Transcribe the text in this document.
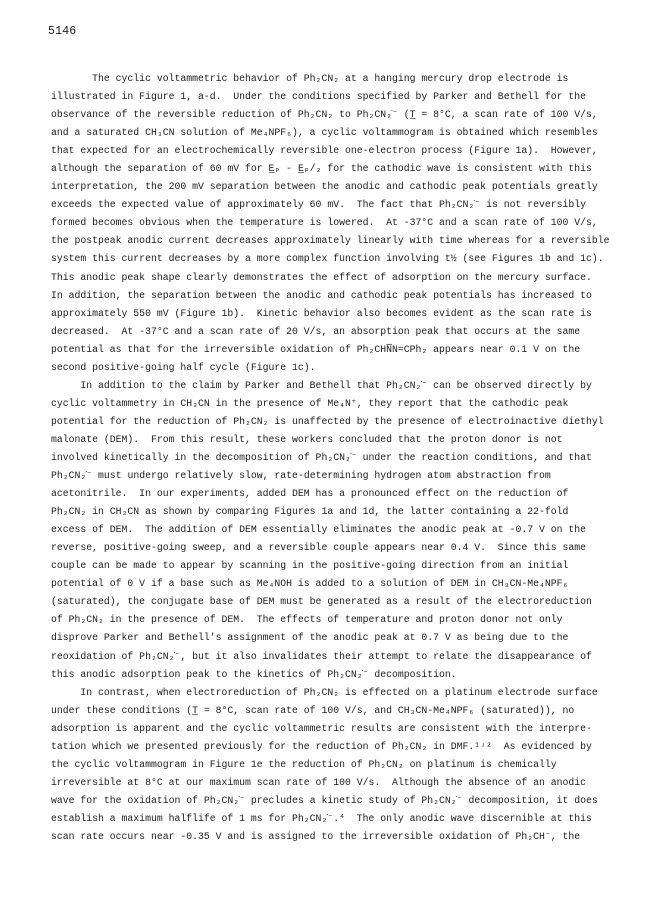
5146
The cyclic voltammetric behavior of Ph₂CN₂ at a hanging mercury drop electrode is
illustrated in Figure 1, a-d.  Under the conditions specified by Parker and Bethell for the
observance of the reversible reduction of Ph₂CN₂ to Ph₂CN₂̇⁻ (T̲ = 8°C, a scan rate of 100 V/s,
and a saturated CH₃CN solution of Me₄NPF₆), a cyclic voltammogram is obtained which resembles
that expected for an electrochemically reversible one-electron process (Figure 1a).  However,
although the separation of 60 mV for E̲ₚ - E̲ₚ/₂ for the cathodic wave is consistent with this
interpretation, the 200 mV separation between the anodic and cathodic peak potentials greatly
exceeds the expected value of approximately 60 mV.  The fact that Ph₂CN₂̇⁻ is not reversibly
formed becomes obvious when the temperature is lowered.  At -37°C and a scan rate of 100 V/s,
the postpeak anodic current decreases approximately linearly with time whereas for a reversible
system this current decreases by a more complex function involving t½ (see Figures 1b and 1c).
This anodic peak shape clearly demonstrates the effect of adsorption on the mercury surface.
In addition, the separation between the anodic and cathodic peak potentials has increased to
approximately 550 mV (Figure 1b).  Kinetic behavior also becomes evident as the scan rate is
decreased.  At -37°C and a scan rate of 20 V/s, an absorption peak that occurs at the same
potential as that for the irreversible oxidation of Ph₂CHN̅N=CPh₂ appears near 0.1 V on the
second positive-going half cycle (Figure 1c).
In addition to the claim by Parker and Bethell that Ph₂CN₂̇⁻ can be observed directly by
cyclic voltammetry in CH₃CN in the presence of Me₄N⁺, they report that the cathodic peak
potential for the reduction of Ph₂CN₂ is unaffected by the presence of electroinactive diethyl
malonate (DEM).  From this result, these workers concluded that the proton donor is not
involved kinetically in the decomposition of Ph₂CN₂̇⁻ under the reaction conditions, and that
Ph₂CN₂̇⁻ must undergo relatively slow, rate-determining hydrogen atom abstraction from
acetonitrile.  In our experiments, added DEM has a pronounced effect on the reduction of
Ph₂CN₂ in CH₃CN as shown by comparing Figures 1a and 1d, the latter containing a 22-fold
excess of DEM.  The addition of DEM essentially eliminates the anodic peak at -0.7 V on the
reverse, positive-going sweep, and a reversible couple appears near 0.4 V.  Since this same
couple can be made to appear by scanning in the positive-going direction from an initial
potential of 0 V if a base such as Me₄NOH is added to a solution of DEM in CH₃CN-Me₄NPF₆
(saturated), the conjugate base of DEM must be generated as a result of the electroreduction
of Ph₂CN₂ in the presence of DEM.  The effects of temperature and proton donor not only
disprove Parker and Bethell's assignment of the anodic peak at 0.7 V as being due to the
reoxidation of Ph₂CN₂̇⁻, but it also invalidates their attempt to relate the disappearance of
this anodic adsorption peak to the kinetics of Ph₂CN₂̇⁻ decomposition.
In contrast, when electroreduction of Ph₂CN₂ is effected on a platinum electrode surface
under these conditions (T̲ = 8°C, scan rate of 100 V/s, and CH₃CN-Me₄NPF₆ (saturated)), no
adsorption is apparent and the cyclic voltammetric results are consistent with the interpre-
tation which we presented previously for the reduction of Ph₂CN₂ in DMF.¹ʴ²  As evidenced by
the cyclic voltammogram in Figure 1e the reduction of Ph₂CN₂ on platinum is chemically
irreversible at 8°C at our maximum scan rate of 100 V/s.  Although the absence of an anodic
wave for the oxidation of Ph₂CN₂̇⁻ precludes a kinetic study of Ph₂CN₂̇⁻ decomposition, it does
establish a maximum halflife of 1 ms for Ph₂CN₂̇⁻.⁴  The only anodic wave discernible at this
scan rate occurs near -0.35 V and is assigned to the irreversible oxidation of Ph₂CH⁻, the
